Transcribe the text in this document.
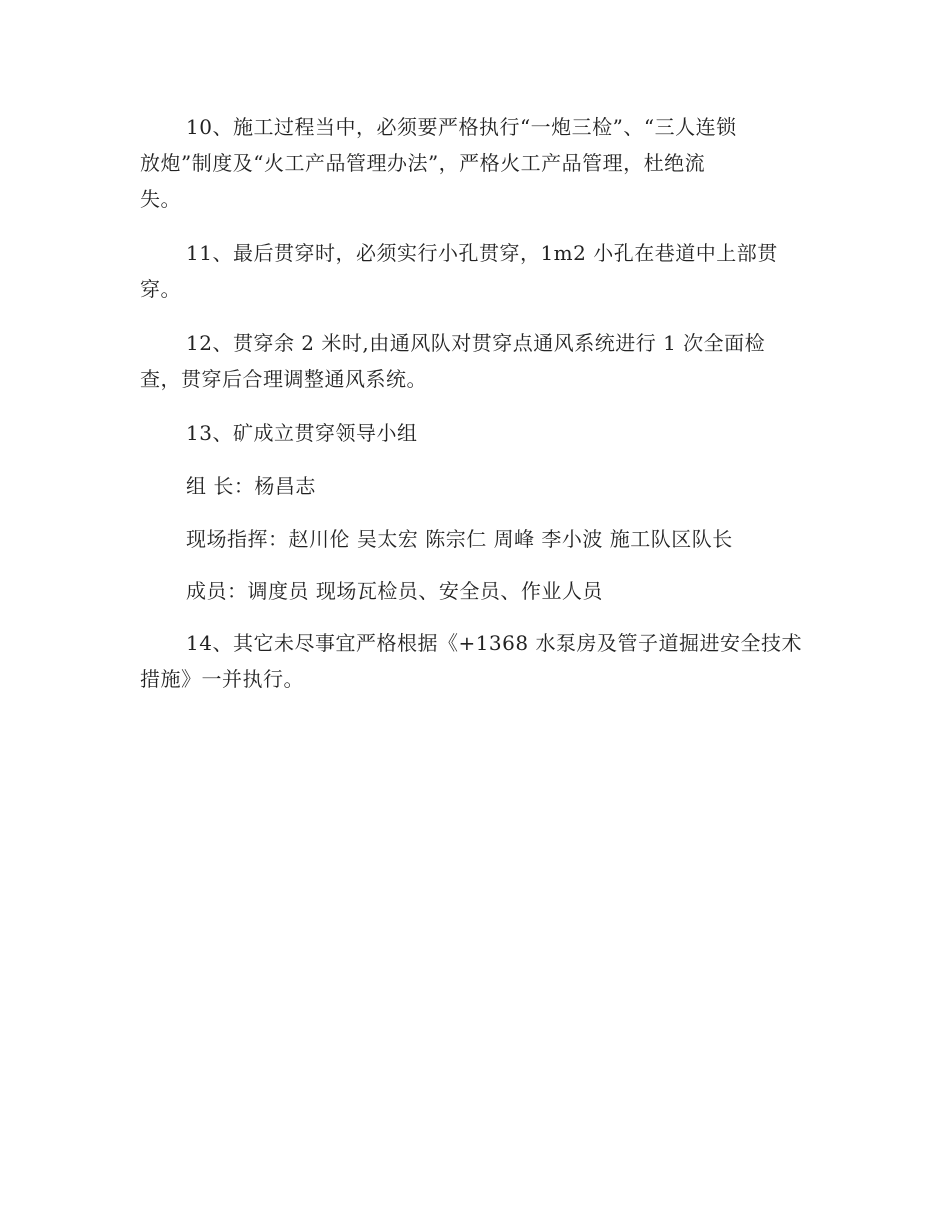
10、施工过程当中，必须要严格执行“一炮三检”、“三人连锁
放炮”制度及“火工产品管理办法”，严格火工产品管理，杜绝流
失。
11、最后贯穿时，必须实行小孔贯穿，1m2 小孔在巷道中上部贯
穿。
12、贯穿余 2 米时,由通风队对贯穿点通风系统进行 1 次全面检
查，贯穿后合理调整通风系统。
13、矿成立贯穿领导小组
组 长：杨昌志
现场指挥：赵川伦 吴太宏 陈宗仁 周峰 李小波 施工队区队长
成员：调度员 现场瓦检员、安全员、作业人员
14、其它未尽事宜严格根据《+1368 水泵房及管子道掘进安全技术
措施》一并执行。
